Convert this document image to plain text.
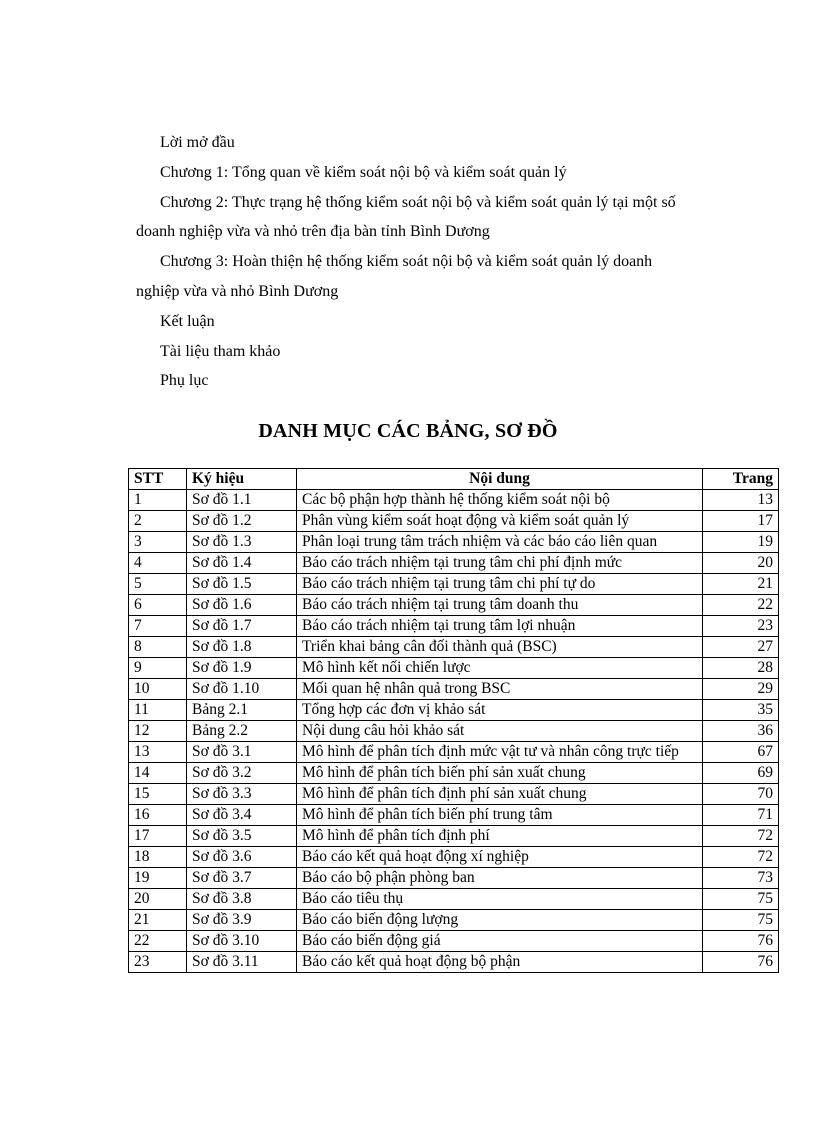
Lời mở đầu

Chương 1: Tổng quan về kiểm soát nội bộ và kiểm soát quản lý

Chương 2: Thực trạng hệ thống kiểm soát nội bộ và kiểm soát quản lý tại một số

doanh nghiệp vừa và nhỏ trên địa bàn tỉnh Bình Dương

Chương 3: Hoàn thiện hệ thống kiểm soát nội bộ và kiểm soát quản lý doanh

nghiệp vừa và nhỏ Bình Dương

Kết luận

Tài liệu tham khảo

Phụ lục

DANH MỤC CÁC BẢNG, SƠ ĐỒ
STT	Ký hiệu	Nội dung	Trang
1	Sơ đồ 1.1	Các bộ phận hợp thành hệ thống kiểm soát nội bộ	13
2	Sơ đồ 1.2	Phân vùng kiểm soát hoạt động và kiểm soát quản lý	17
3	Sơ đồ 1.3	Phân loại trung tâm trách nhiệm và các báo cáo liên quan	19
4	Sơ đồ 1.4	Báo cáo trách nhiệm tại trung tâm chi phí định mức	20
5	Sơ đồ 1.5	Báo cáo trách nhiệm tại trung tâm chi phí tự do	21
6	Sơ đồ 1.6	Báo cáo trách nhiệm tại trung tâm doanh thu	22
7	Sơ đồ 1.7	Báo cáo trách nhiệm tại trung tâm lợi nhuận	23
8	Sơ đồ 1.8	Triển khai bảng cân đối thành quả (BSC)	27
9	Sơ đồ 1.9	Mô hình kết nối chiến lược	28
10	Sơ đồ 1.10	Mối quan hệ nhân quả trong BSC	29
11	Bảng 2.1	Tổng hợp các đơn vị khảo sát	35
12	Bảng 2.2	Nội dung câu hỏi khảo sát	36
13	Sơ đồ 3.1	Mô hình để phân tích định mức vật tư và nhân công trực tiếp	67
14	Sơ đồ 3.2	Mô hình để phân tích biến phí sản xuất chung	69
15	Sơ đồ 3.3	Mô hình để phân tích định phí sản xuất chung	70
16	Sơ đồ 3.4	Mô hình để phân tích biến phí trung tâm	71
17	Sơ đồ 3.5	Mô hình để phân tích định phí	72
18	Sơ đồ 3.6	Báo cáo kết quả hoạt động xí nghiệp	72
19	Sơ đồ 3.7	Báo cáo bộ phận phòng ban	73
20	Sơ đồ 3.8	Báo cáo tiêu thụ	75
21	Sơ đồ 3.9	Báo cáo biến động lượng	75
22	Sơ đồ 3.10	Báo cáo biến động giá	76
23	Sơ đồ 3.11	Báo cáo kết quả hoạt động bộ phận	76
